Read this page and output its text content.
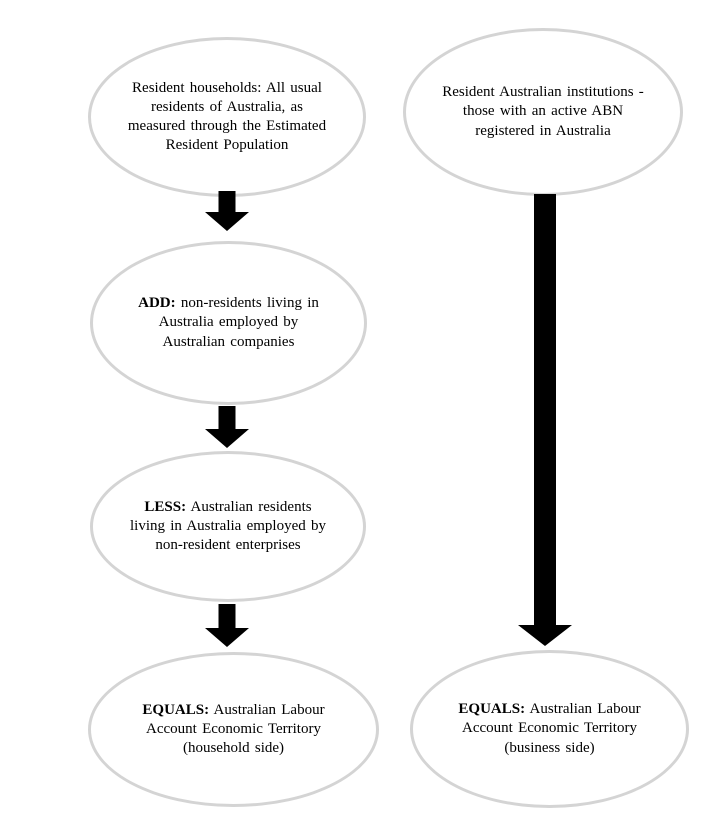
Resident households: All usual residents of Australia, as measured through the Estimated Resident Population
ADD: non-residents living in Australia employed by Australian companies
LESS: Australian residents living in Australia employed by non-resident enterprises
EQUALS: Australian Labour Account Economic Territory (household side)
Resident Australian institutions - those with an active ABN registered in Australia
EQUALS: Australian Labour Account Economic Territory (business side)
